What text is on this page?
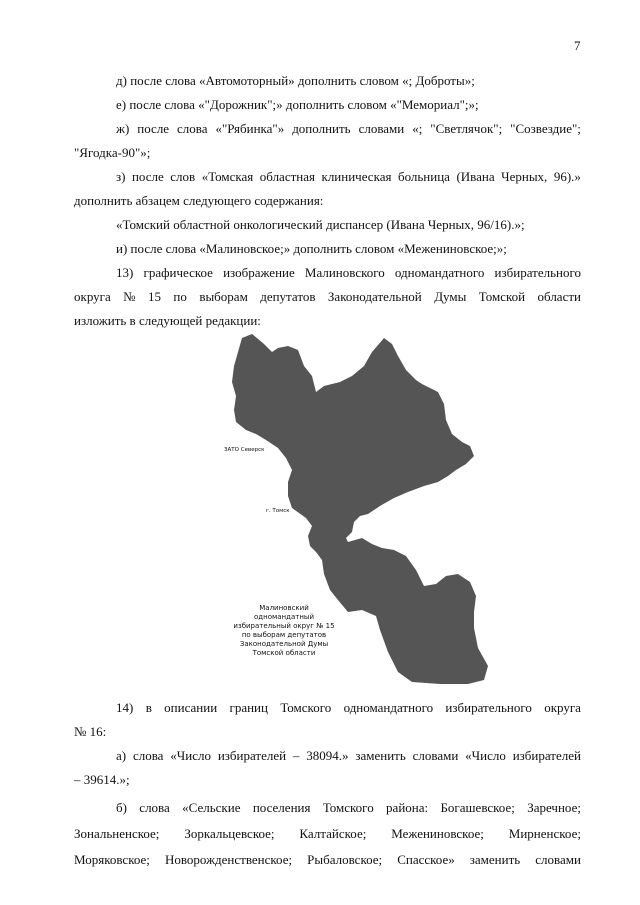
7
д) после слова «Автомоторный» дополнить словом «; Доброты»;
е) после слова «"Дорожник";» дополнить словом «"Мемориал";»;
ж) после слова «"Рябинка"» дополнить словами «; "Светлячок"; "Созвездие";
"Ягодка-90"»;
з) после слов «Томская областная клиническая больница (Ивана Черных, 96).»
дополнить абзацем следующего содержания:
«Томский областной онкологический диспансер (Ивана Черных, 96/16).»;
и) после слова «Малиновское;» дополнить словом «Межениновское;»;
13) графическое изображение Малиновского одномандатного избирательного
округа № 15 по выборам депутатов Законодательной Думы Томской области
изложить в следующей редакции:
ЗАТО Северск
г. Томск
Малиновский
одномандатный
избирательный округ № 15
по выборам депутатов
Законодательной Думы
Томской области
14) в описании границ Томского одномандатного избирательного округа
№ 16:
а) слова «Число избирателей – 38094.» заменить словами «Число избирателей
– 39614.»;
б) слова «Сельские поселения Томского района: Богашевское; Заречное;
Зональненское; Зоркальцевское; Калтайское; Межениновское; Мирненское;
Моряковское; Новорожденственское; Рыбаловское; Спасское» заменить словами
